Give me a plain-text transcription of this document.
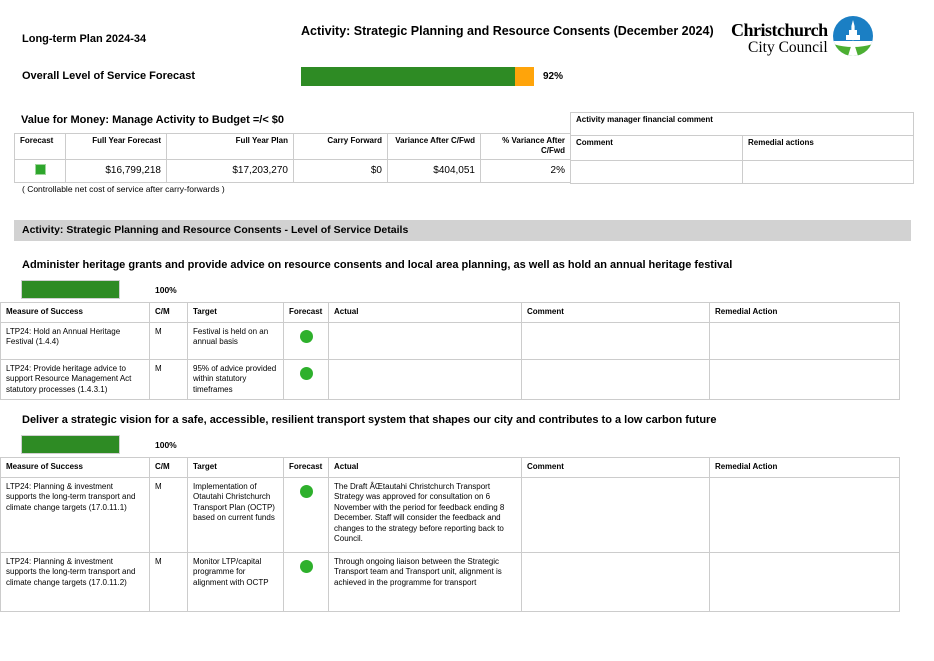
Long-term Plan 2024-34
Activity: Strategic Planning and Resource Consents (December 2024) Christchurch
City Council
Overall Level of Service Forecast	92%
Value for Money: Manage Activity to Budget =/< $0
Forecast	Full Year Forecast	Full Year Plan	Carry Forward	Variance After C/Fwd	% Variance After C/Fwd
	$16,799,218	$17,203,270	$0	$404,051	2%
Activity manager financial comment	
Comment	Remedial actions

( Controllable net cost of service after carry-forwards )
Activity: Strategic Planning and Resource Consents - Level of Service Details
Administer heritage grants and provide advice on resource consents and local area planning, as well as hold an annual heritage festival
100%
Measure of Success	C/M	Target	Forecast	Actual	Comment	Remedial Action
LTP24: Hold an Annual Heritage Festival (1.4.4)	M	Festival is held on an annual basis	

LTP24: Provide heritage advice to support Resource Management Act statutory processes (1.4.3.1)	M	95% of advice provided within statutory timeframes	

Deliver a strategic vision for a safe, accessible, resilient transport system that shapes our city and contributes to a low carbon future
100%
Measure of Success	C/M	Target	Forecast	Actual	Comment	Remedial Action
LTP24: Planning & investment supports the long-term transport and climate change targets (17.0.11.1)	M	Implementation of Otautahi Christchurch Transport Plan (OCTP) based on current funds		The Draft ÂŒtautahi Christchurch Transport Strategy was approved for consultation on 6 November with the period for feedback ending 8 December. Staff will consider the feedback and changes to the strategy before reporting back to Council.		
LTP24: Planning & investment supports the long-term transport and climate change targets (17.0.11.2)	M	Monitor LTP/capital programme for alignment with OCTP		Through ongoing liaison between the Strategic Transport team and Transport unit, alignment is achieved in the programme for transport		
